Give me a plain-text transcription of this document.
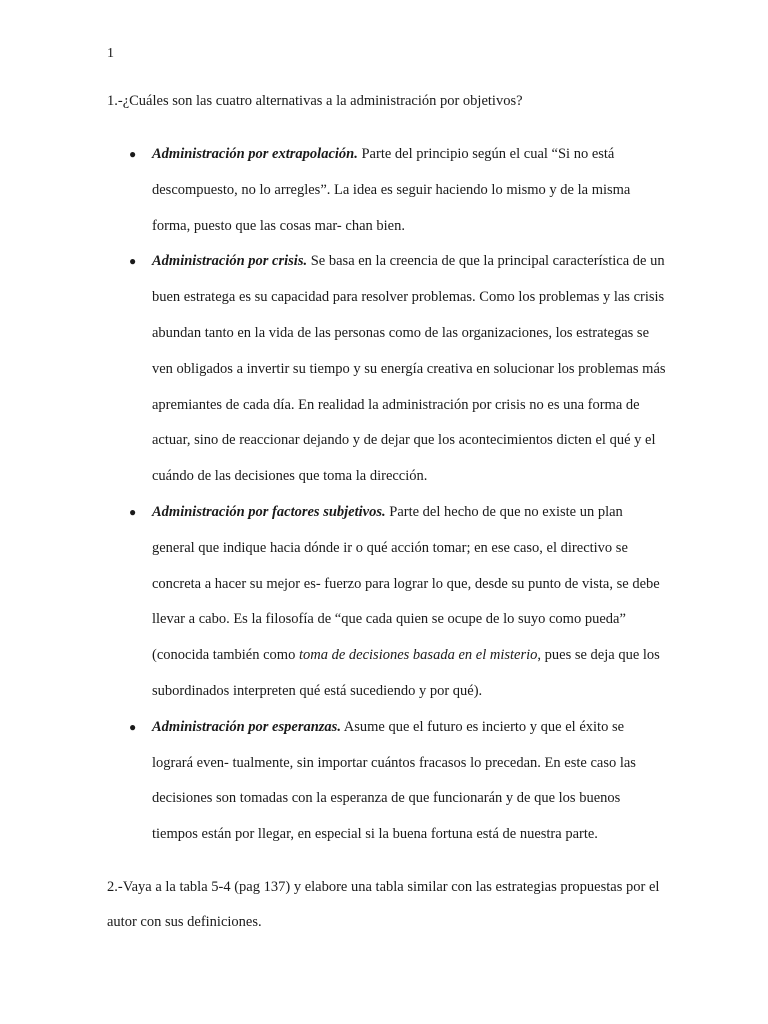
1

1.-¿Cuáles son las cuatro alternativas a la administración por objetivos?

● Administración por extrapolación. Parte del principio según el cual “Si no está descompuesto, no lo arregles”. La idea es seguir haciendo lo mismo y de la misma forma, puesto que las cosas mar- chan bien.
● Administración por crisis. Se basa en la creencia de que la principal característica de un buen estratega es su capacidad para resolver problemas. Como los problemas y las crisis abundan tanto en la vida de las personas como de las organizaciones, los estrategas se ven obligados a invertir su tiempo y su energía creativa en solucionar los problemas más apremiantes de cada día. En realidad la administración por crisis no es una forma de actuar, sino de reaccionar dejando y de dejar que los acontecimientos dicten el qué y el cuándo de las decisiones que toma la dirección.
● Administración por factores subjetivos. Parte del hecho de que no existe un plan general que indique hacia dónde ir o qué acción tomar; en ese caso, el directivo se concreta a hacer su mejor es- fuerzo para lograr lo que, desde su punto de vista, se debe llevar a cabo. Es la filosofía de “que cada quien se ocupe de lo suyo como pueda” (conocida también como toma de decisiones basada en el misterio, pues se deja que los subordinados interpreten qué está sucediendo y por qué).
● Administración por esperanzas. Asume que el futuro es incierto y que el éxito se logrará even- tualmente, sin importar cuántos fracasos lo precedan. En este caso las decisiones son tomadas con la esperanza de que funcionarán y de que los buenos tiempos están por llegar, en especial si la buena fortuna está de nuestra parte.

2.-Vaya a la tabla 5-4 (pag 137) y elabore una tabla similar con las estrategias propuestas por el autor con sus definiciones.
